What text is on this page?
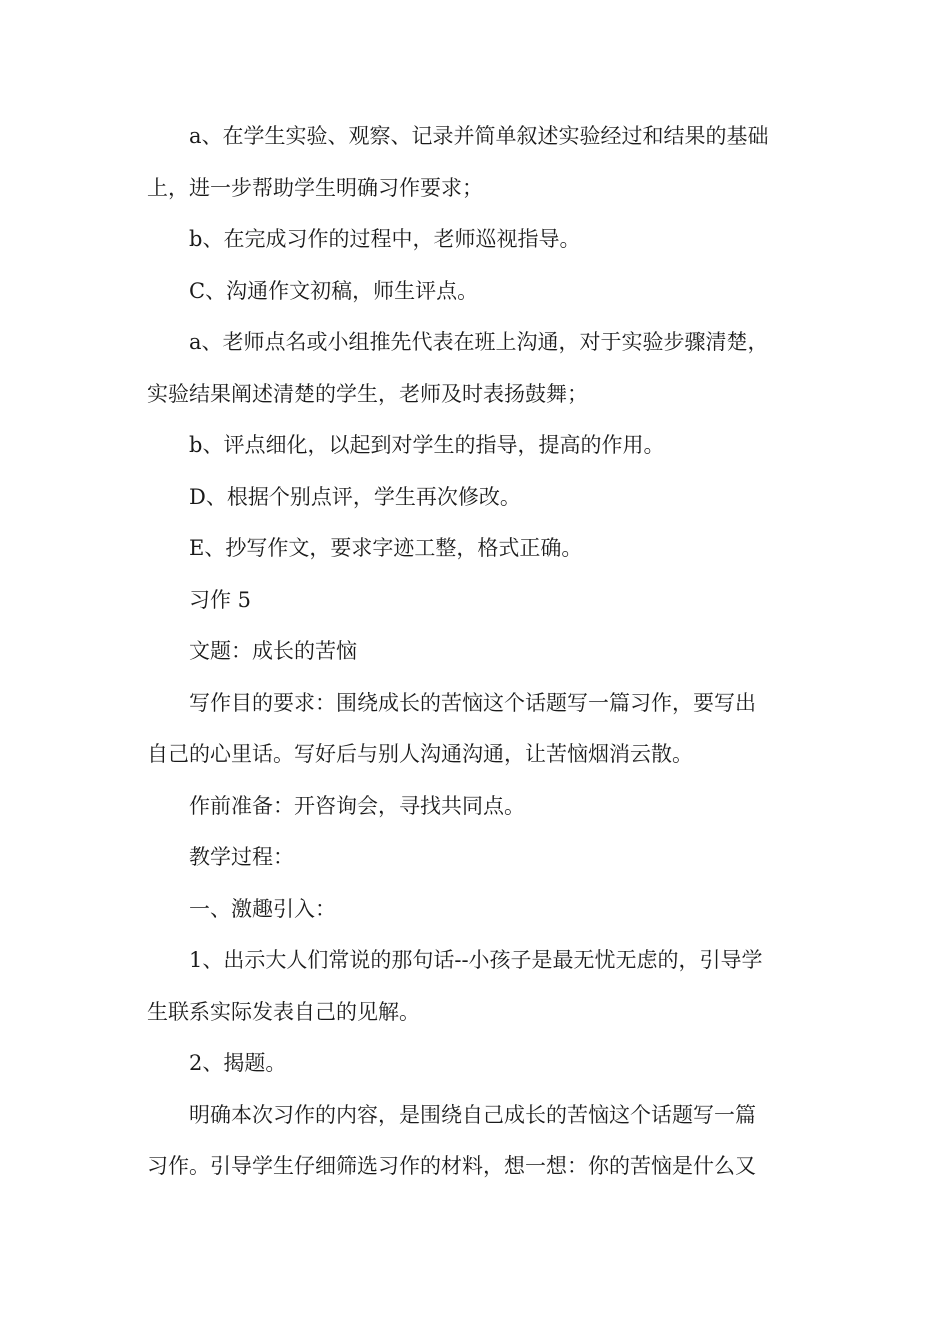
a、在学生实验、观察、记录并简单叙述实验经过和结果的基础
上，进一步帮助学生明确习作要求；
b、在完成习作的过程中，老师巡视指导。
C、沟通作文初稿，师生评点。
a、老师点名或小组推先代表在班上沟通，对于实验步骤清楚，
实验结果阐述清楚的学生，老师及时表扬鼓舞；
b、评点细化，以起到对学生的指导，提高的作用。
D、根据个别点评，学生再次修改。
E、抄写作文，要求字迹工整，格式正确。
习作 5
文题：成长的苦恼
写作目的要求：围绕成长的苦恼这个话题写一篇习作，要写出
自己的心里话。写好后与别人沟通沟通，让苦恼烟消云散。
作前准备：开咨询会，寻找共同点。
教学过程：
一、激趣引入：
1、出示大人们常说的那句话--小孩子是最无忧无虑的，引导学
生联系实际发表自己的见解。
2、揭题。
明确本次习作的内容，是围绕自己成长的苦恼这个话题写一篇
习作。引导学生仔细筛选习作的材料，想一想：你的苦恼是什么又
